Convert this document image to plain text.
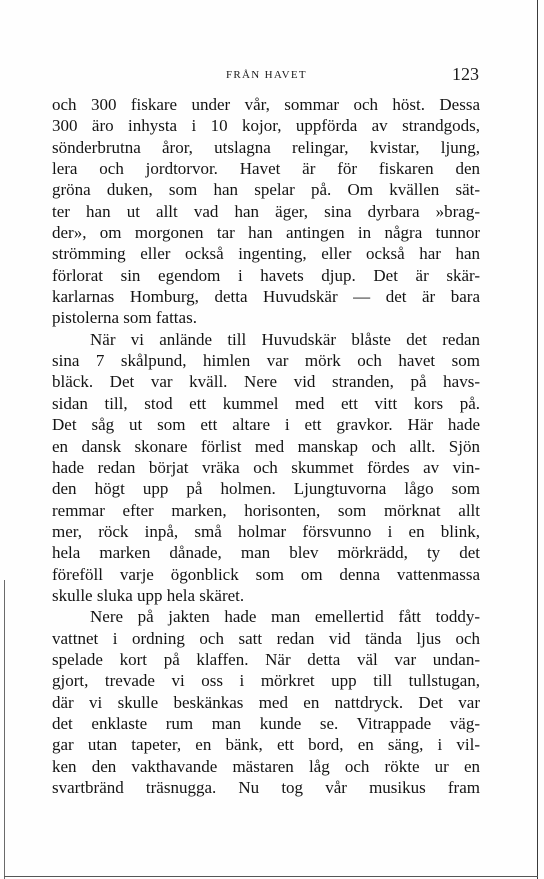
FRÅN HAVET	123
och 300 fiskare under vår, sommar och höst. Dessa
300 äro inhysta i 10 kojor, uppförda av strandgods,
sönderbrutna åror, utslagna relingar, kvistar, ljung,
lera och jordtorvor. Havet är för fiskaren den
gröna duken, som han spelar på. Om kvällen sät-
ter han ut allt vad han äger, sina dyrbara »brag-
der», om morgonen tar han antingen in några tunnor
strömming eller också ingenting, eller också har han
förlorat sin egendom i havets djup. Det är skär-
karlarnas Homburg, detta Huvudskär — det är bara
pistolerna som fattas.
När vi anlände till Huvudskär blåste det redan
sina 7 skålpund, himlen var mörk och havet som
bläck. Det var kväll. Nere vid stranden, på havs-
sidan till, stod ett kummel med ett vitt kors på.
Det såg ut som ett altare i ett gravkor. Här hade
en dansk skonare förlist med manskap och allt. Sjön
hade redan börjat vräka och skummet fördes av vin-
den högt upp på holmen. Ljungtuvorna lågo som
remmar efter marken, horisonten, som mörknat allt
mer, röck inpå, små holmar försvunno i en blink,
hela marken dånade, man blev mörkrädd, ty det
föreföll varje ögonblick som om denna vattenmassa
skulle sluka upp hela skäret.
Nere på jakten hade man emellertid fått toddy-
vattnet i ordning och satt redan vid tända ljus och
spelade kort på klaffen. När detta väl var undan-
gjort, trevade vi oss i mörkret upp till tullstugan,
där vi skulle beskänkas med en nattdryck. Det var
det enklaste rum man kunde se. Vitrappade väg-
gar utan tapeter, en bänk, ett bord, en säng, i vil-
ken den vakthavande mästaren låg och rökte ur en
svartbränd träsnugga. Nu tog vår musikus fram
